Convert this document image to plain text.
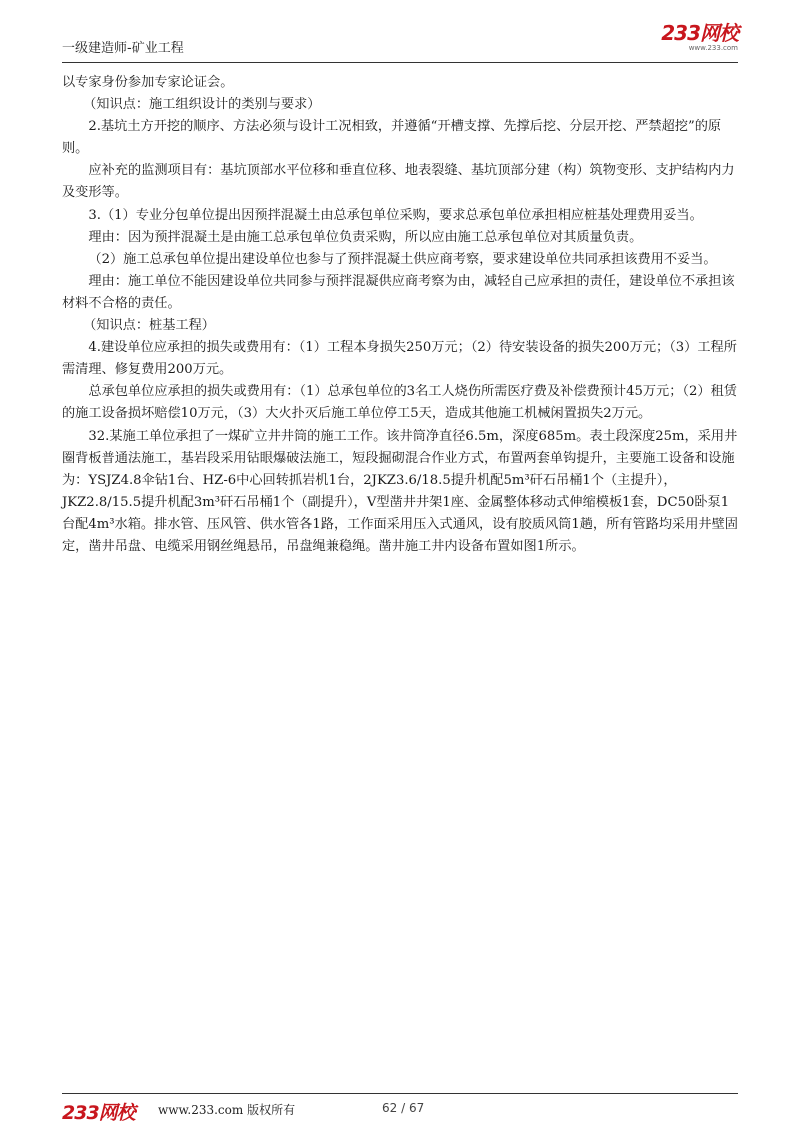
一级建造师-矿业工程
233网校
www.233.com

以专家身份参加专家论证会。

（知识点：施工组织设计的类别与要求）

2.基坑土方开挖的顺序、方法必须与设计工况相致，并遵循“开槽支撑、先撑后挖、分层开挖、严禁超挖”的原则。

应补充的监测项目有：基坑顶部水平位移和垂直位移、地表裂缝、基坑顶部分建（构）筑物变形、支护结构内力及变形等。

3.（1）专业分包单位提出因预拌混凝土由总承包单位采购，要求总承包单位承担相应桩基处理费用妥当。

理由：因为预拌混凝土是由施工总承包单位负责采购，所以应由施工总承包单位对其质量负责。

（2）施工总承包单位提出建设单位也参与了预拌混凝土供应商考察，要求建设单位共同承担该费用不妥当。

理由：施工单位不能因建设单位共同参与预拌混凝供应商考察为由，减轻自己应承担的责任，建设单位不承担该材料不合格的责任。

（知识点：桩基工程）

4.建设单位应承担的损失或费用有：（1）工程本身损失250万元；（2）待安装设备的损失200万元；（3）工程所需清理、修复费用200万元。

总承包单位应承担的损失或费用有：（1）总承包单位的3名工人烧伤所需医疗费及补偿费预计45万元；（2）租赁的施工设备损坏赔偿10万元，（3）大火扑灭后施工单位停工5天，造成其他施工机械闲置损失2万元。

32.某施工单位承担了一煤矿立井井筒的施工工作。该井筒净直径6.5m，深度685m。表土段深度25m，采用井圈背板普通法施工，基岩段采用钻眼爆破法施工，短段掘砌混合作业方式，布置两套单钩提升，主要施工设备和设施为：YSJZ4.8伞钻1台、HZ-6中心回转抓岩机1台，2JKZ3.6/18.5提升机配5m³矸石吊桶1个（主提升），JKZ2.8/15.5提升机配3m³矸石吊桶1个（副提升），V型凿井井架1座、金属整体移动式伸缩模板1套，DC50卧泵1台配4m³水箱。排水管、压风管、供水管各1路，工作面采用压入式通风，设有胶质风筒1趟，所有管路均采用井壁固定，凿井吊盘、电缆采用钢丝绳悬吊，吊盘绳兼稳绳。凿井施工井内设备布置如图1所示。

233网校 www.233.com 版权所有	62 / 67
